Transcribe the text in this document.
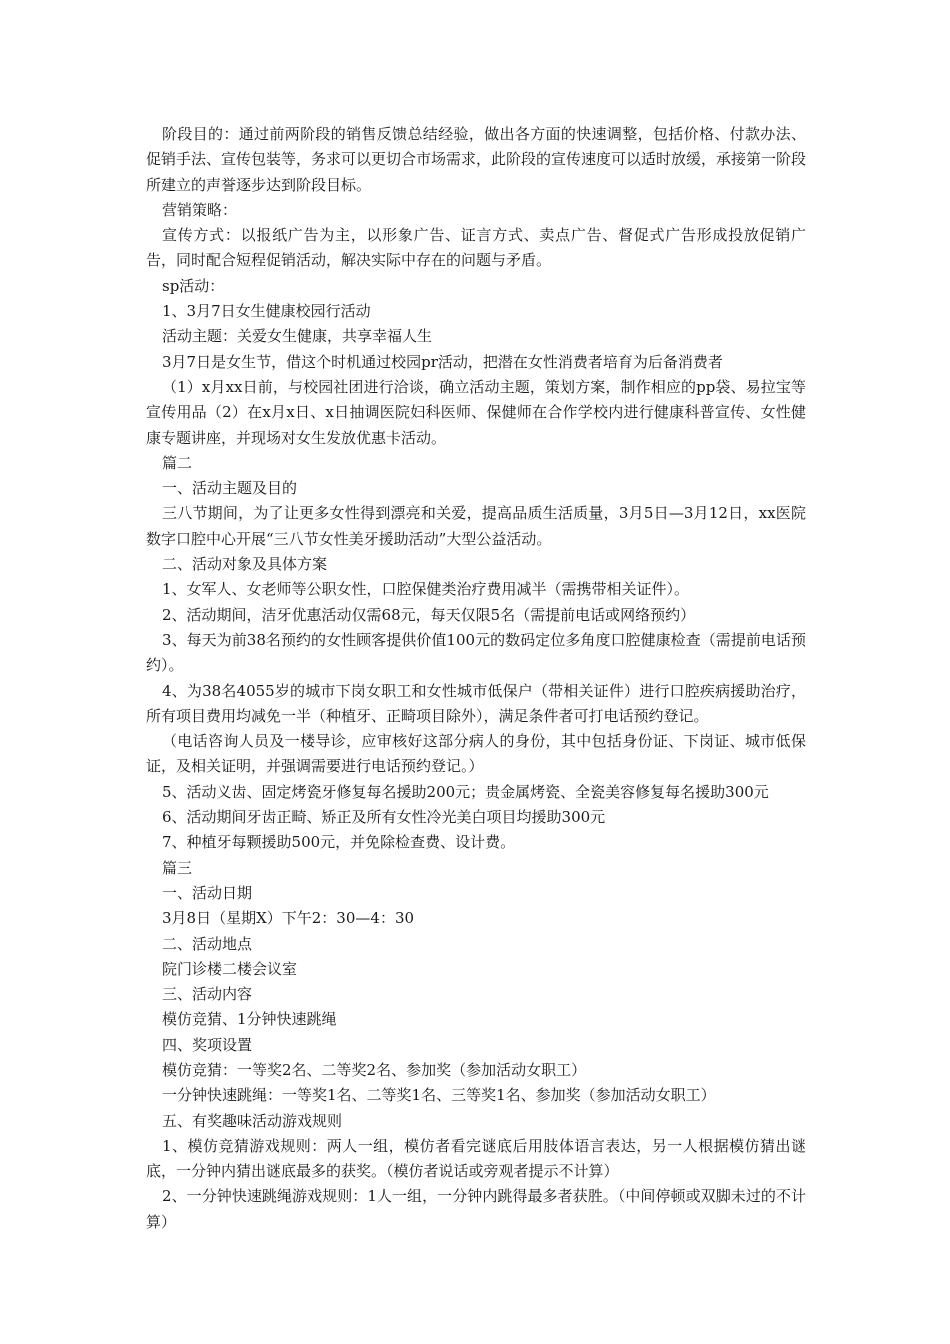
阶段目的：通过前两阶段的销售反馈总结经验，做出各方面的快速调整，包括价格、付款办法、促销手法、宣传包装等，务求可以更切合市场需求，此阶段的宣传速度可以适时放缓，承接第一阶段所建立的声誉逐步达到阶段目标。

营销策略：

宣传方式：以报纸广告为主，以形象广告、证言方式、卖点广告、督促式广告形成投放促销广告，同时配合短程促销活动，解决实际中存在的问题与矛盾。

sp活动：

1、3月7日女生健康校园行活动

活动主题：关爱女生健康，共享幸福人生

3月7日是女生节，借这个时机通过校园pr活动，把潜在女性消费者培育为后备消费者

（1）x月xx日前，与校园社团进行洽谈，确立活动主题，策划方案，制作相应的pp袋、易拉宝等宣传用品（2）在x月x日、x日抽调医院妇科医师、保健师在合作学校内进行健康科普宣传、女性健康专题讲座，并现场对女生发放优惠卡活动。

篇二

一、活动主题及目的

三八节期间，为了让更多女性得到漂亮和关爱，提高品质生活质量，3月5日—3月12日，xx医院数字口腔中心开展“三八节女性美牙援助活动”大型公益活动。

二、活动对象及具体方案

1、女军人、女老师等公职女性，口腔保健类治疗费用减半（需携带相关证件）。

2、活动期间，洁牙优惠活动仅需68元，每天仅限5名（需提前电话或网络预约）

3、每天为前38名预约的女性顾客提供价值100元的数码定位多角度口腔健康检查（需提前电话预约）。

4、为38名4055岁的城市下岗女职工和女性城市低保户（带相关证件）进行口腔疾病援助治疗，所有项目费用均减免一半（种植牙、正畸项目除外），满足条件者可打电话预约登记。

（电话咨询人员及一楼导诊，应审核好这部分病人的身份，其中包括身份证、下岗证、城市低保证，及相关证明，并强调需要进行电话预约登记。）

5、活动义齿、固定烤瓷牙修复每名援助200元；贵金属烤瓷、全瓷美容修复每名援助300元

6、活动期间牙齿正畸、矫正及所有女性冷光美白项目均援助300元

7、种植牙每颗援助500元，并免除检查费、设计费。

篇三

一、活动日期

3月8日（星期X）下午2：30—4：30

二、活动地点

院门诊楼二楼会议室

三、活动内容

模仿竞猜、1分钟快速跳绳

四、奖项设置

模仿竞猜：一等奖2名、二等奖2名、参加奖（参加活动女职工）

一分钟快速跳绳：一等奖1名、二等奖1名、三等奖1名、参加奖（参加活动女职工）

五、有奖趣味活动游戏规则

1、模仿竞猜游戏规则：两人一组，模仿者看完谜底后用肢体语言表达，另一人根据模仿猜出谜底，一分钟内猜出谜底最多的获奖。（模仿者说话或旁观者提示不计算）

2、一分钟快速跳绳游戏规则：1人一组，一分钟内跳得最多者获胜。（中间停顿或双脚未过的不计算）
